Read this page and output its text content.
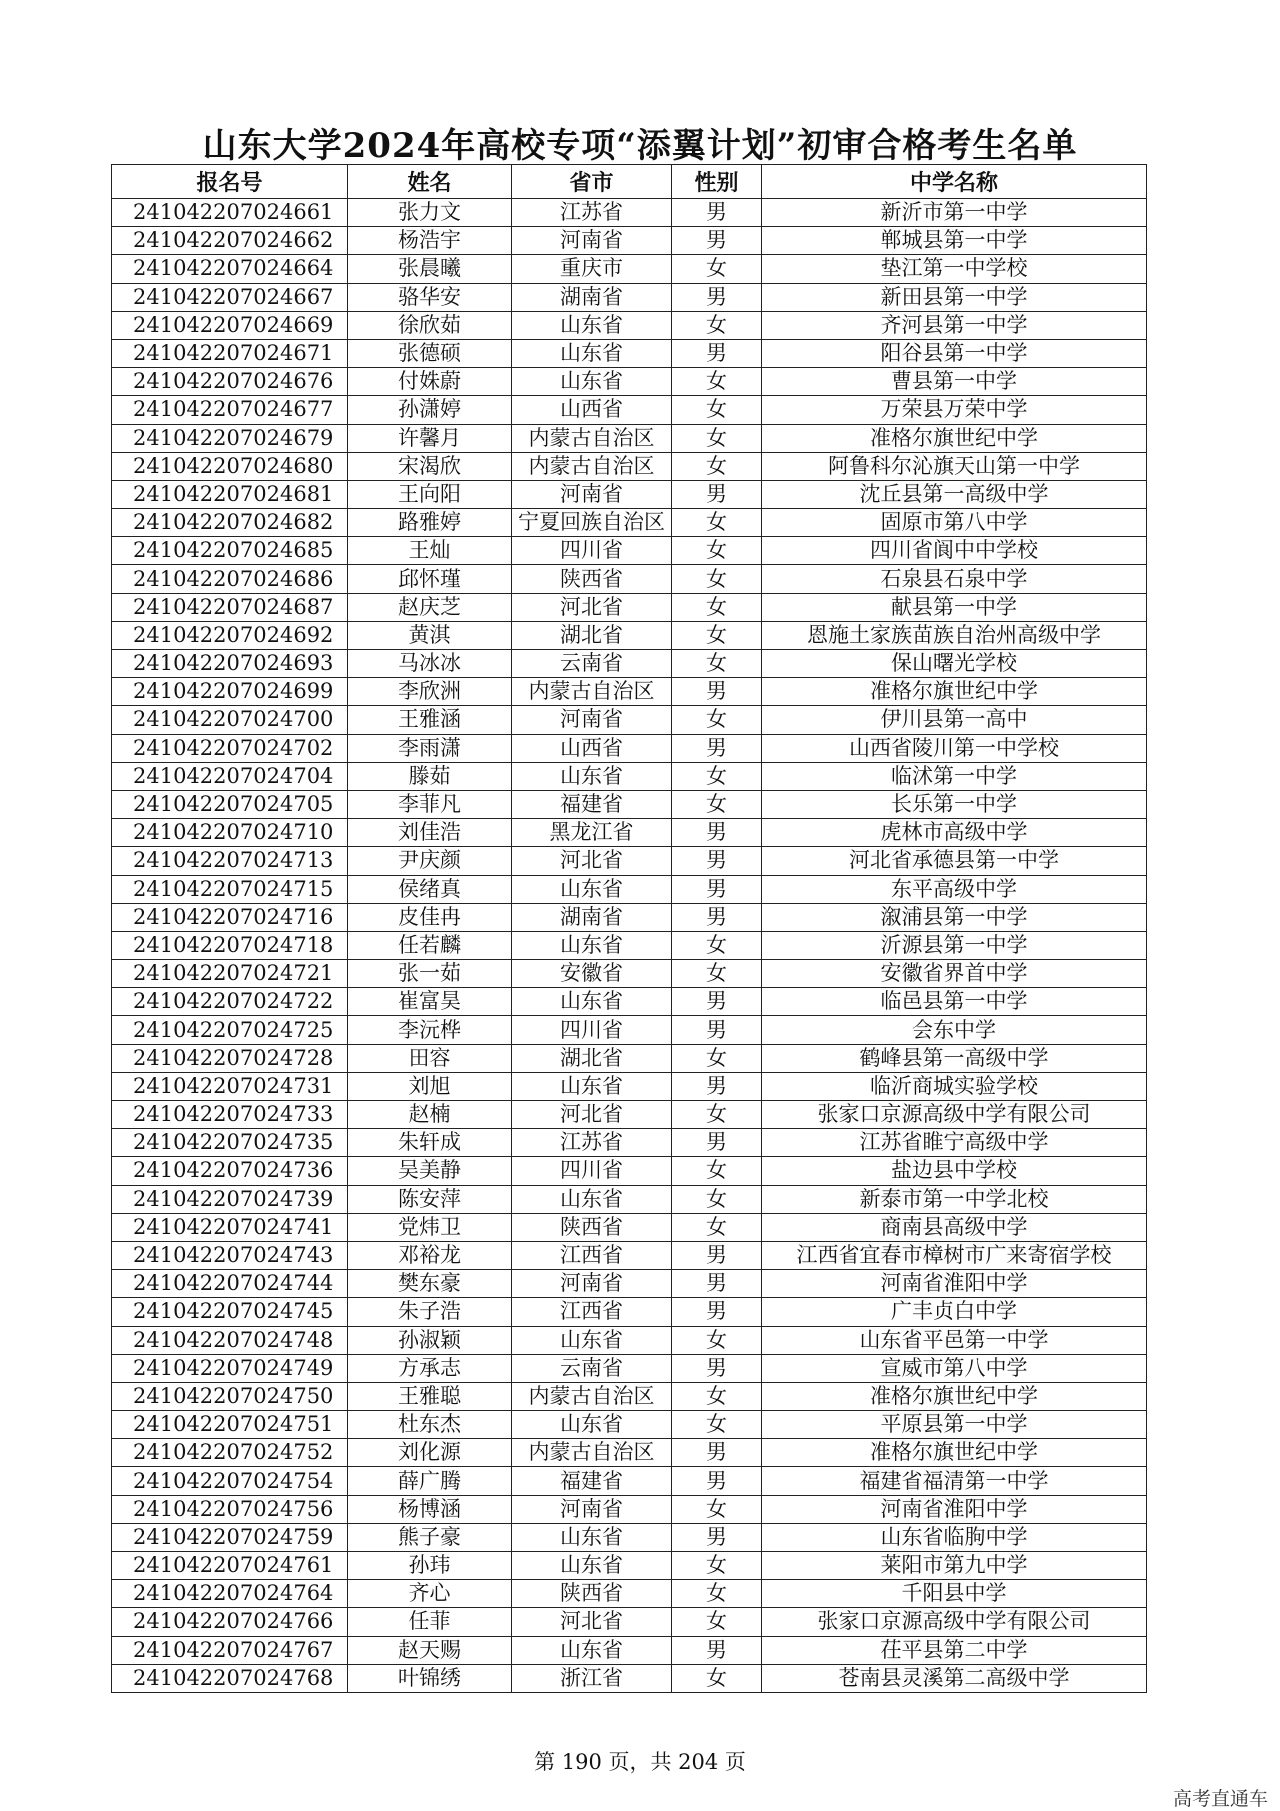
山东大学2024年高校专项“添翼计划”初审合格考生名单
报名号	姓名	省市	性别	中学名称
241042207024661	张力文	江苏省	男	新沂市第一中学
241042207024662	杨浩宇	河南省	男	郸城县第一中学
241042207024664	张晨曦	重庆市	女	垫江第一中学校
241042207024667	骆华安	湖南省	男	新田县第一中学
241042207024669	徐欣茹	山东省	女	齐河县第一中学
241042207024671	张德硕	山东省	男	阳谷县第一中学
241042207024676	付姝蔚	山东省	女	曹县第一中学
241042207024677	孙潇婷	山西省	女	万荣县万荣中学
241042207024679	许馨月	内蒙古自治区	女	准格尔旗世纪中学
241042207024680	宋渴欣	内蒙古自治区	女	阿鲁科尔沁旗天山第一中学
241042207024681	王向阳	河南省	男	沈丘县第一高级中学
241042207024682	路雅婷	宁夏回族自治区	女	固原市第八中学
241042207024685	王灿	四川省	女	四川省阆中中学校
241042207024686	邱怀瑾	陕西省	女	石泉县石泉中学
241042207024687	赵庆芝	河北省	女	献县第一中学
241042207024692	黄淇	湖北省	女	恩施土家族苗族自治州高级中学
241042207024693	马冰冰	云南省	女	保山曙光学校
241042207024699	李欣洲	内蒙古自治区	男	准格尔旗世纪中学
241042207024700	王雅涵	河南省	女	伊川县第一高中
241042207024702	李雨潇	山西省	男	山西省陵川第一中学校
241042207024704	滕茹	山东省	女	临沭第一中学
241042207024705	李菲凡	福建省	女	长乐第一中学
241042207024710	刘佳浩	黑龙江省	男	虎林市高级中学
241042207024713	尹庆颜	河北省	男	河北省承德县第一中学
241042207024715	侯绪真	山东省	男	东平高级中学
241042207024716	皮佳冉	湖南省	男	溆浦县第一中学
241042207024718	任若麟	山东省	女	沂源县第一中学
241042207024721	张一茹	安徽省	女	安徽省界首中学
241042207024722	崔富昊	山东省	男	临邑县第一中学
241042207024725	李沅桦	四川省	男	会东中学
241042207024728	田容	湖北省	女	鹤峰县第一高级中学
241042207024731	刘旭	山东省	男	临沂商城实验学校
241042207024733	赵楠	河北省	女	张家口京源高级中学有限公司
241042207024735	朱轩成	江苏省	男	江苏省睢宁高级中学
241042207024736	吴美静	四川省	女	盐边县中学校
241042207024739	陈安萍	山东省	女	新泰市第一中学北校
241042207024741	党炜卫	陕西省	女	商南县高级中学
241042207024743	邓裕龙	江西省	男	江西省宜春市樟树市广来寄宿学校
241042207024744	樊东豪	河南省	男	河南省淮阳中学
241042207024745	朱子浩	江西省	男	广丰贞白中学
241042207024748	孙淑颖	山东省	女	山东省平邑第一中学
241042207024749	方承志	云南省	男	宣威市第八中学
241042207024750	王雅聪	内蒙古自治区	女	准格尔旗世纪中学
241042207024751	杜东杰	山东省	女	平原县第一中学
241042207024752	刘化源	内蒙古自治区	男	准格尔旗世纪中学
241042207024754	薛广腾	福建省	男	福建省福清第一中学
241042207024756	杨博涵	河南省	女	河南省淮阳中学
241042207024759	熊子豪	山东省	男	山东省临朐中学
241042207024761	孙玮	山东省	女	莱阳市第九中学
241042207024764	齐心	陕西省	女	千阳县中学
241042207024766	任菲	河北省	女	张家口京源高级中学有限公司
241042207024767	赵天赐	山东省	男	茌平县第二中学
241042207024768	叶锦绣	浙江省	女	苍南县灵溪第二高级中学
第 190 页，共 204 页
高考直通车
